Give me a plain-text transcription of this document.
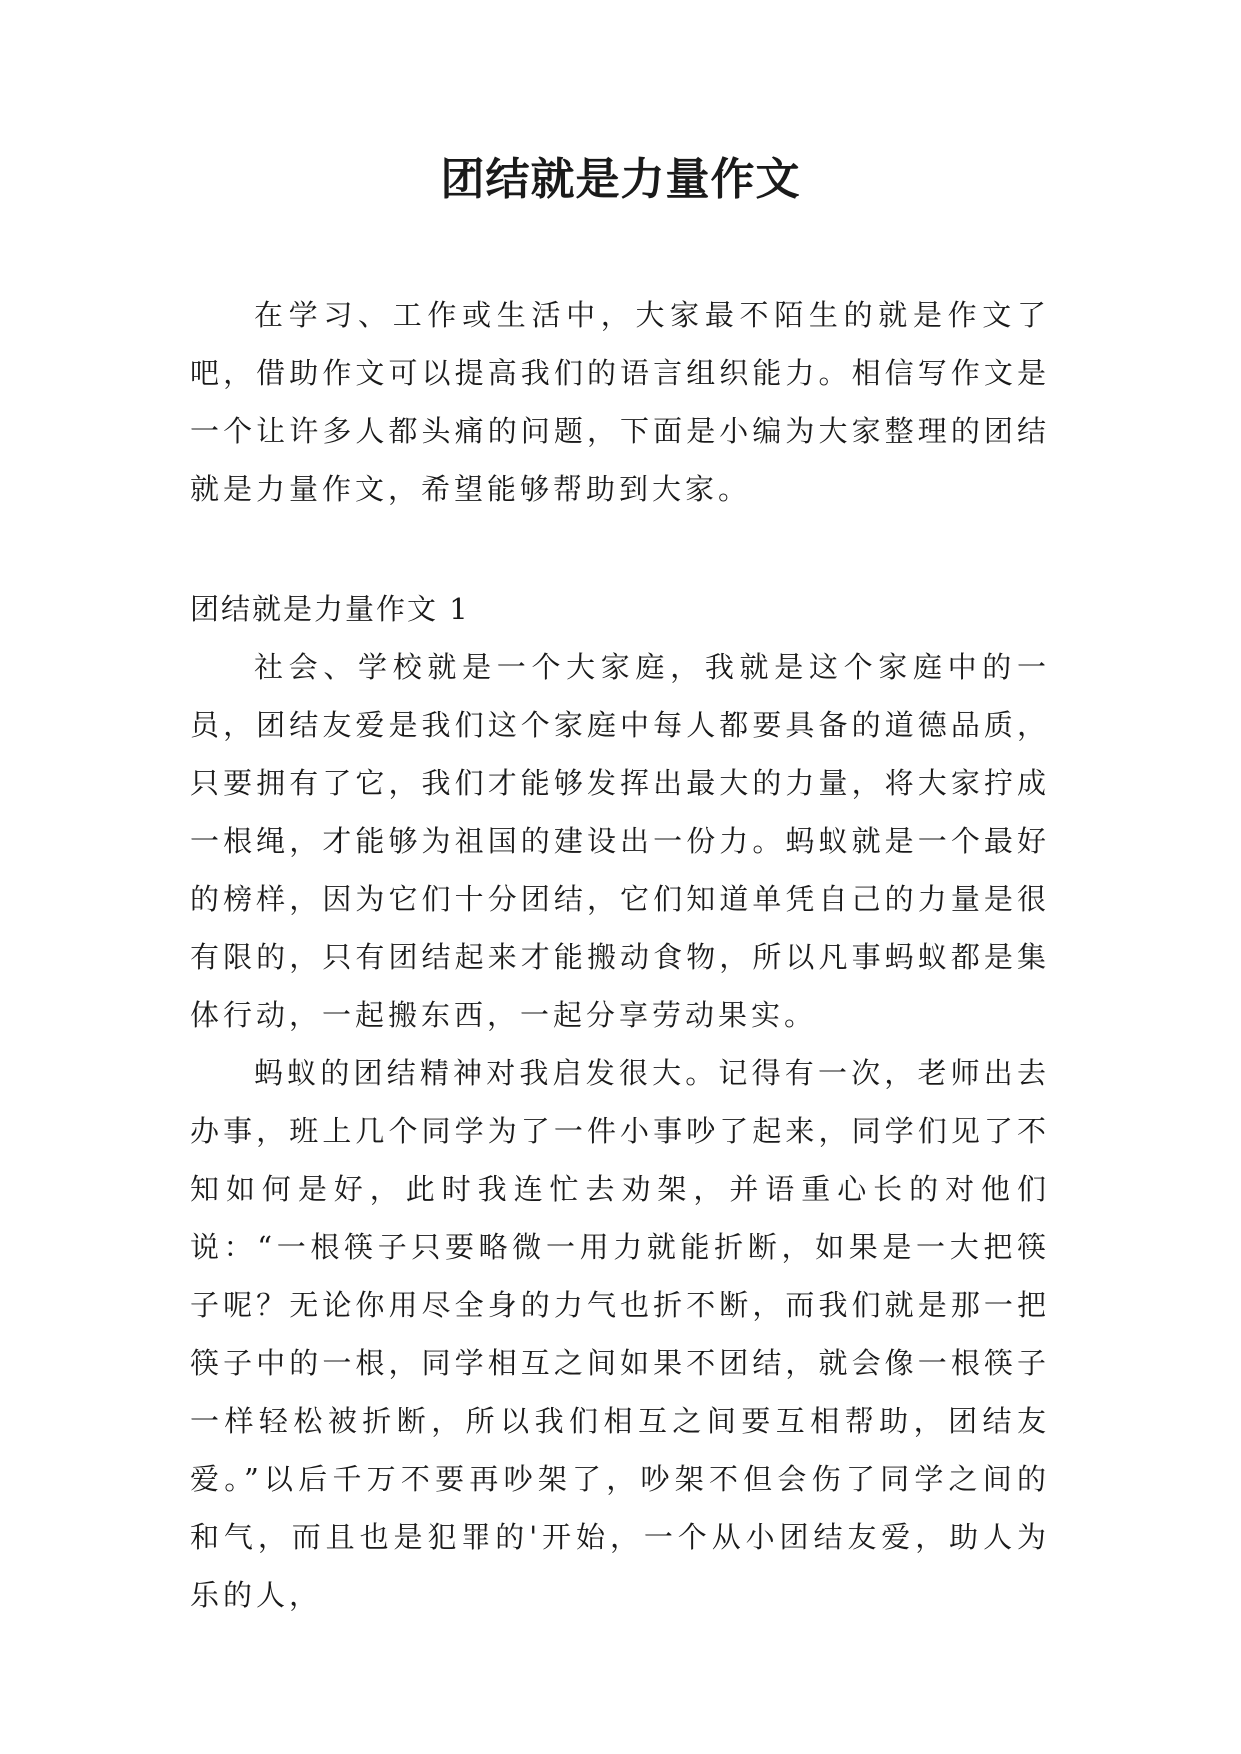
团结就是力量作文

在学习、工作或生活中，大家最不陌生的就是作文了吧，借助作文可以提高我们的语言组织能力。相信写作文是一个让许多人都头痛的问题，下面是小编为大家整理的团结就是力量作文，希望能够帮助到大家。

团结就是力量作文 1

社会、学校就是一个大家庭，我就是这个家庭中的一员，团结友爱是我们这个家庭中每人都要具备的道德品质，只要拥有了它，我们才能够发挥出最大的力量，将大家拧成一根绳，才能够为祖国的建设出一份力。蚂蚁就是一个最好的榜样，因为它们十分团结，它们知道单凭自己的力量是很有限的，只有团结起来才能搬动食物，所以凡事蚂蚁都是集体行动，一起搬东西，一起分享劳动果实。

蚂蚁的团结精神对我启发很大。记得有一次，老师出去办事，班上几个同学为了一件小事吵了起来，同学们见了不知如何是好，此时我连忙去劝架，并语重心长的对他们说：“一根筷子只要略微一用力就能折断，如果是一大把筷子呢？无论你用尽全身的力气也折不断，而我们就是那一把筷子中的一根，同学相互之间如果不团结，就会像一根筷子一样轻松被折断，所以我们相互之间要互相帮助，团结友爱。”以后千万不要再吵架了，吵架不但会伤了同学之间的和气，而且也是犯罪的'开始，一个从小团结友爱，助人为乐的人，
